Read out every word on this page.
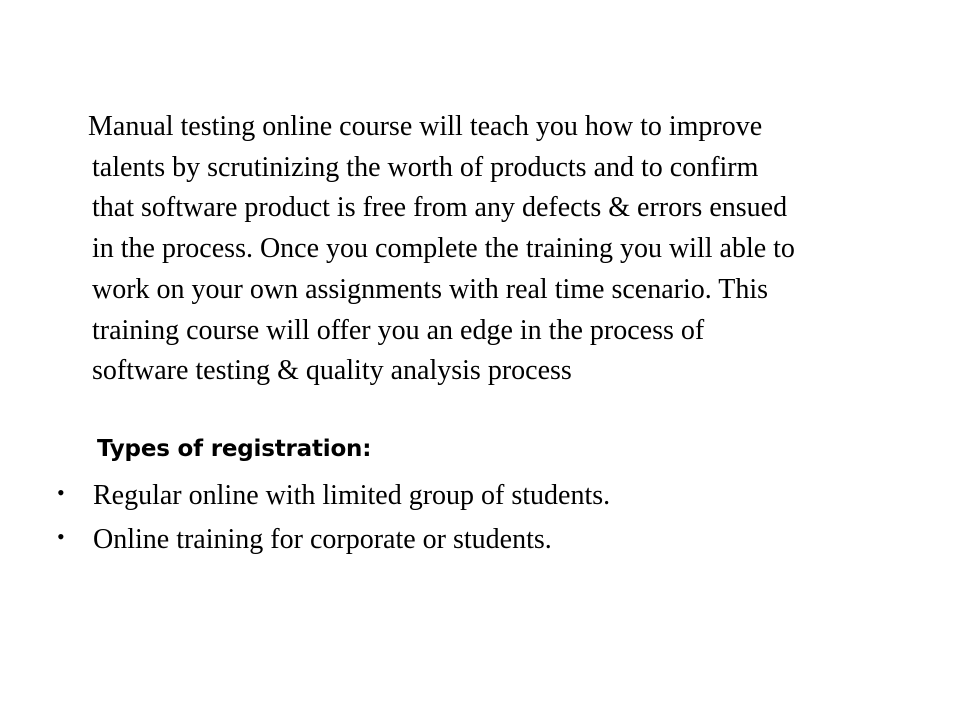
Manual testing online course will teach you how to improve
talents by scrutinizing the worth of products and to confirm
that software product is free from any defects & errors ensued
in the process. Once you complete the training you will able to
work on your own assignments with real time scenario. This
training course will offer you an edge in the process of
software testing & quality analysis process

Types of registration:
• Regular online with limited group of students.
• Online training for corporate or students.
